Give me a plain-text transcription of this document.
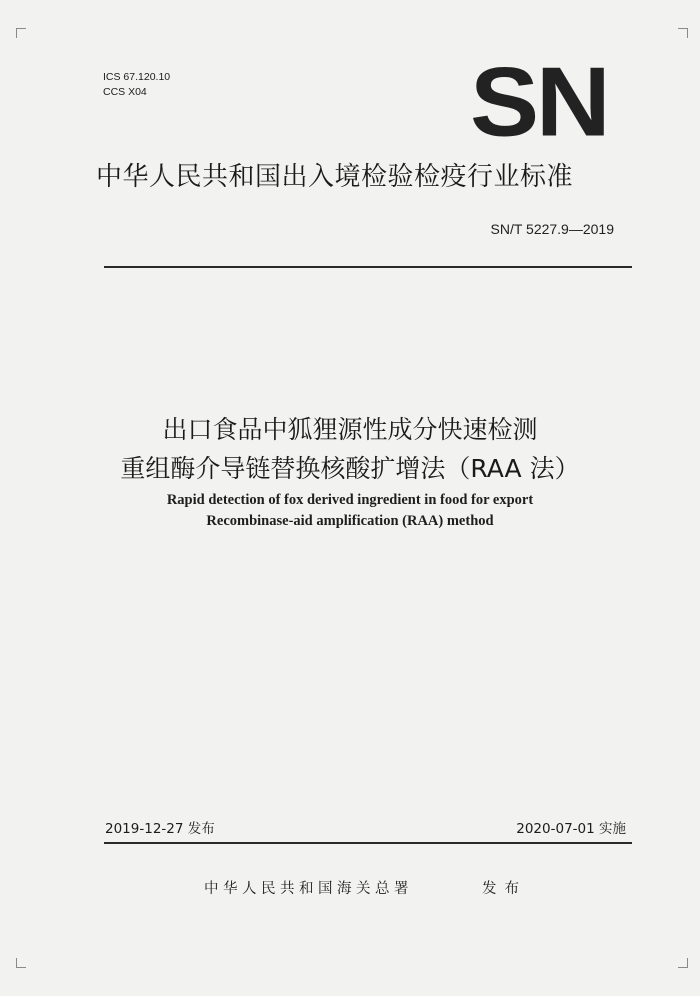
ICS 67.120.10
CCS X04	SN
中华人民共和国出入境检验检疫行业标准
SN/T 5227.9—2019
出口食品中狐狸源性成分快速检测
重组酶介导链替换核酸扩增法（RAA 法）
Rapid detection of fox derived ingredient in food for export
Recombinase-aid amplification (RAA) method
2019-12-27 发布	2020-07-01 实施
中华人民共和国海关总署	发布
